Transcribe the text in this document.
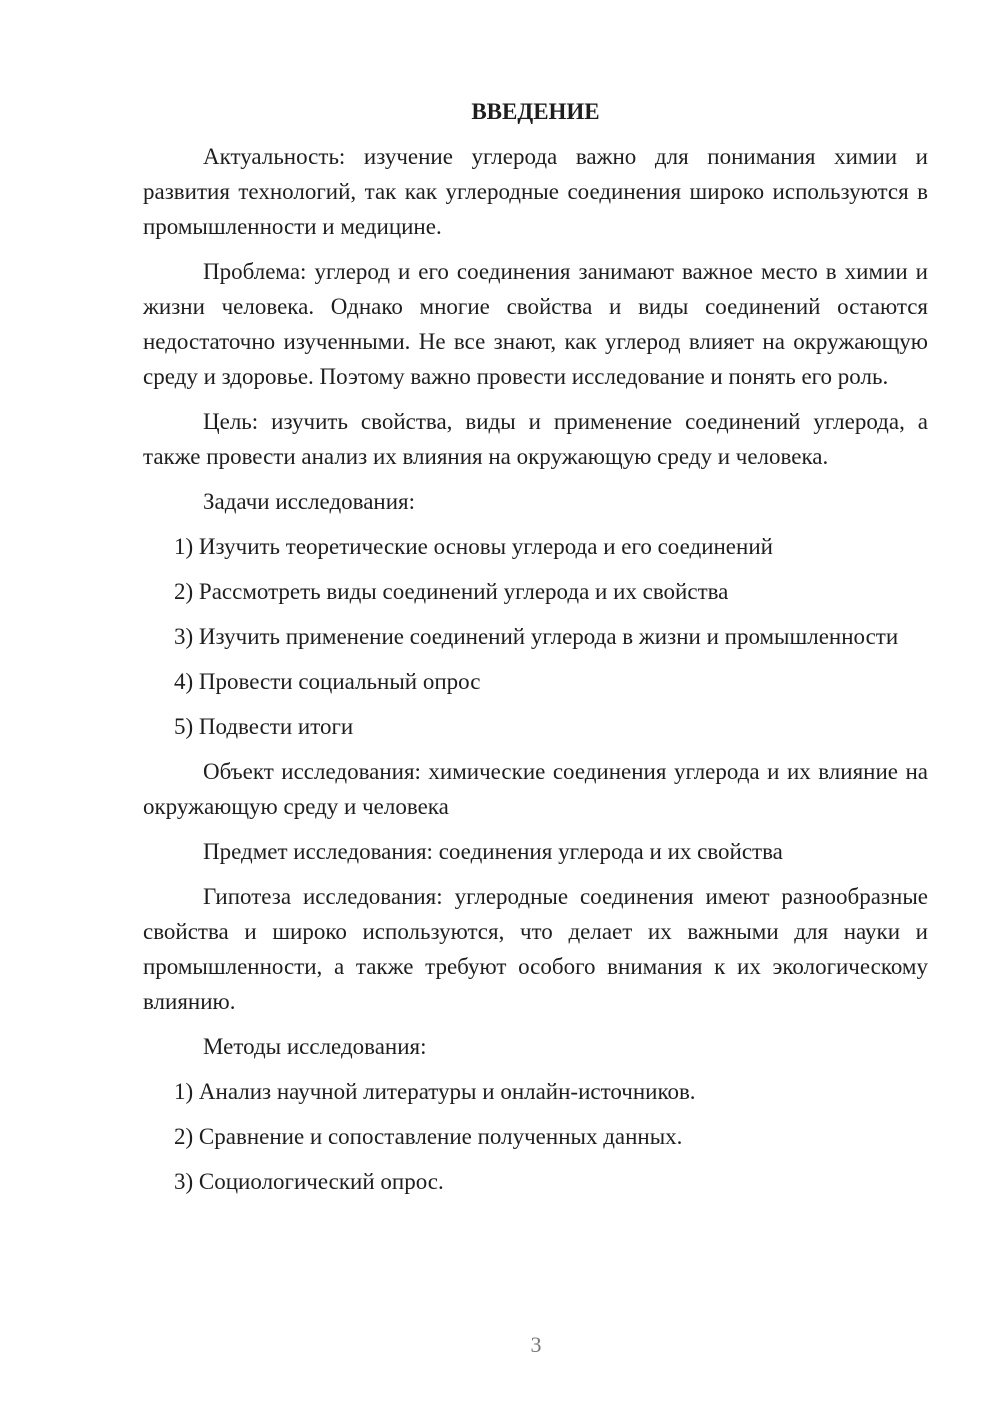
ВВЕДЕНИЕ

Актуальность: изучение углерода важно для понимания химии и развития технологий, так как углеродные соединения широко используются в промышленности и медицине.

Проблема: углерод и его соединения занимают важное место в химии и жизни человека. Однако многие свойства и виды соединений остаются недостаточно изученными. Не все знают, как углерод влияет на окружающую среду и здоровье. Поэтому важно провести исследование и понять его роль.

Цель: изучить свойства, виды и применение соединений углерода, а также провести анализ их влияния на окружающую среду и человека.

Задачи исследования:

1) Изучить теоретические основы углерода и его соединений

2) Рассмотреть виды соединений углерода и их свойства

3) Изучить применение соединений углерода в жизни и промышленности

4) Провести социальный опрос

5) Подвести итоги

Объект исследования: химические соединения углерода и их влияние на окружающую среду и человека

Предмет исследования: соединения углерода и их свойства

Гипотеза исследования: углеродные соединения имеют разнообразные свойства и широко используются, что делает их важными для науки и промышленности, а также требуют особого внимания к их экологическому влиянию.

Методы исследования:

1) Анализ научной литературы и онлайн-источников.

2) Сравнение и сопоставление полученных данных.

3) Социологический опрос.

3
